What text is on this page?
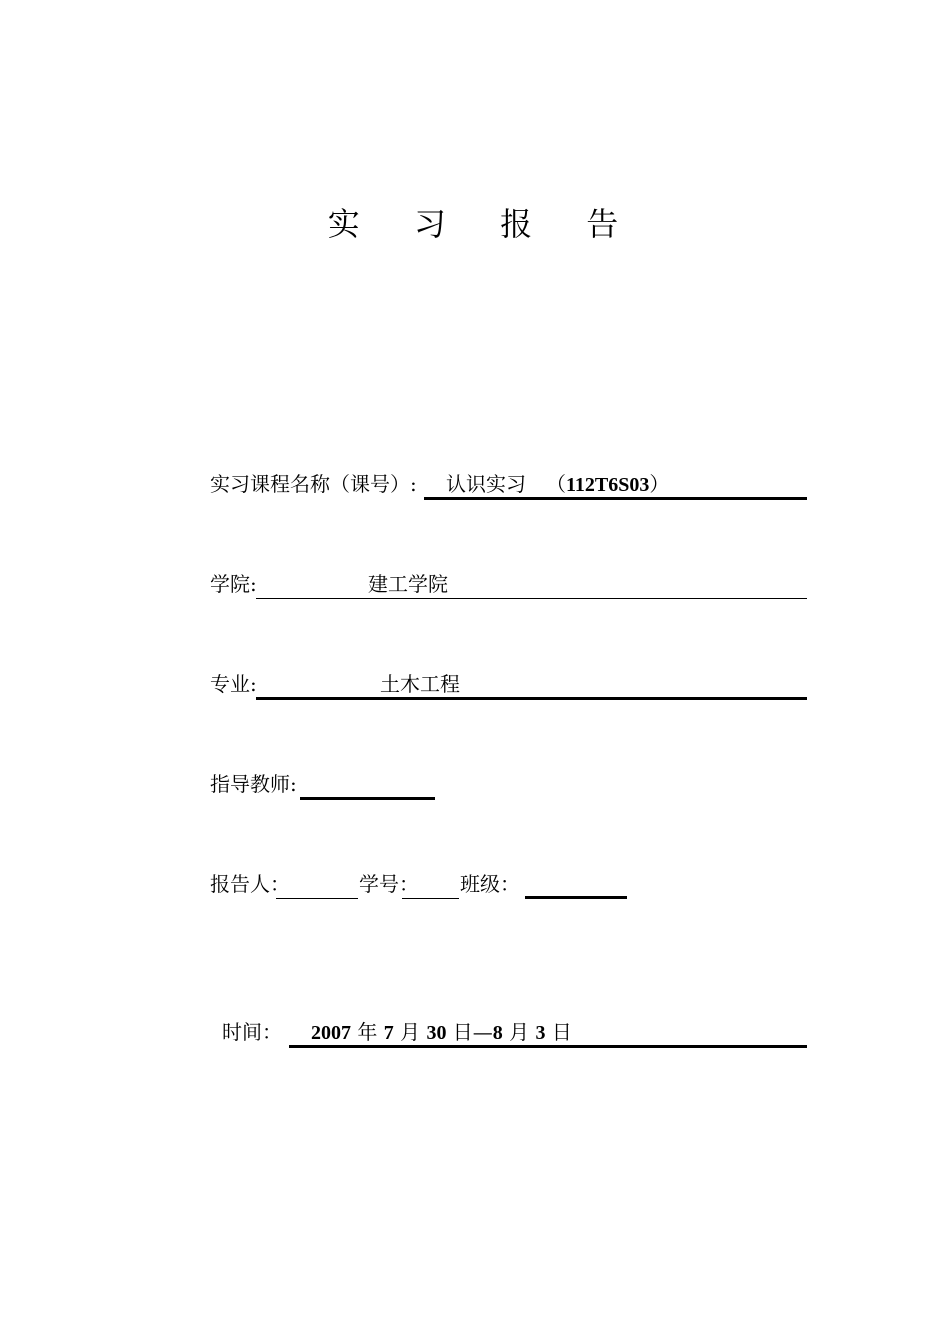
实 习 报 告
实习课程名称（课号）: 认识实习 （112T6S03）
学院:	建工学院
专业:	土木工程
指导教师:
报告人：	学号： 班级：
时间： 2007 年 7 月 30 日—8 月 3 日
